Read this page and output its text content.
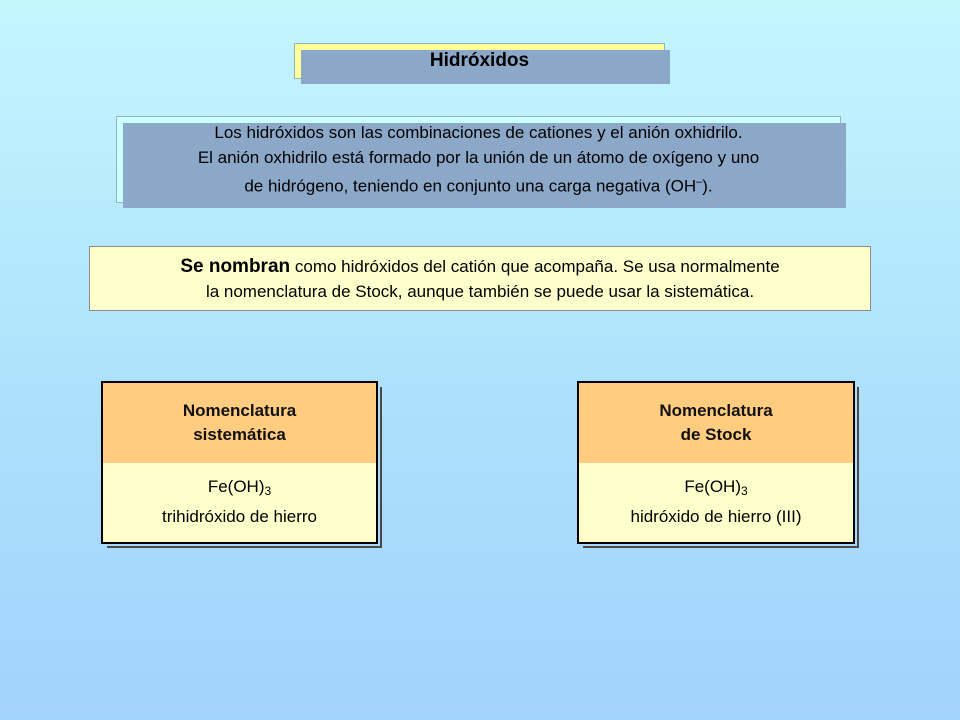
Hidróxidos
Los hidróxidos son las combinaciones de cationes y el anión oxhidrilo.
El anión oxhidrilo está formado por la unión de un átomo de oxígeno y uno
de hidrógeno, teniendo en conjunto una carga negativa (OH–).
Se nombran como hidróxidos del catión que acompaña. Se usa normalmente
la nomenclatura de Stock, aunque también se puede usar la sistemática.
Nomenclatura
sistemática
$Fe(OH)_3$
trihidróxido de hierro
Nomenclatura
de Stock
$Fe(OH)_3$
hidróxido de hierro (III)
